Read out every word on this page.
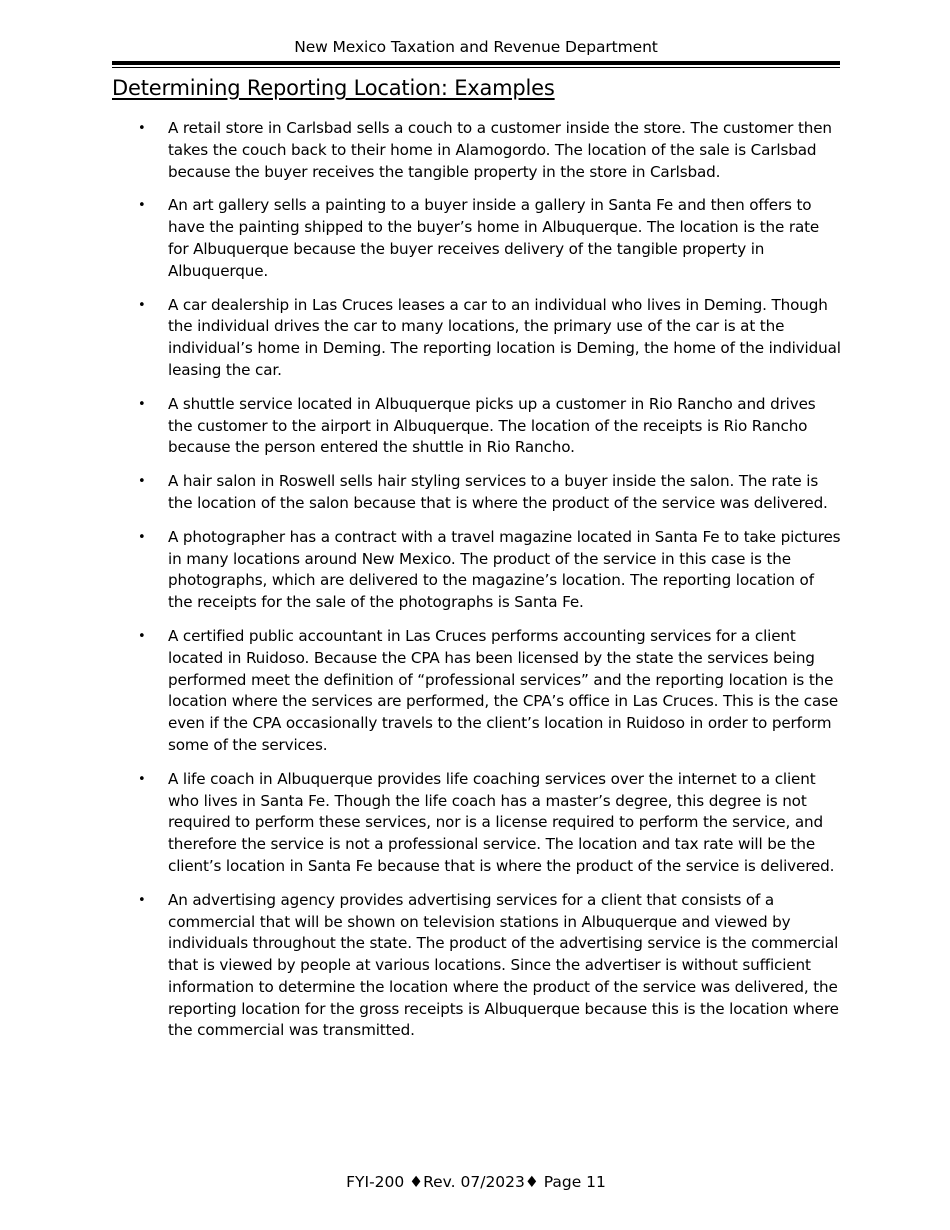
New Mexico Taxation and Revenue Department
Determining Reporting Location: Examples
• A retail store in Carlsbad sells a couch to a customer inside the store. The customer then takes the couch back to their home in Alamogordo. The location of the sale is Carlsbad because the buyer receives the tangible property in the store in Carlsbad.
• An art gallery sells a painting to a buyer inside a gallery in Santa Fe and then offers to have the painting shipped to the buyer’s home in Albuquerque. The location is the rate for Albuquerque because the buyer receives delivery of the tangible property in Albuquerque.
• A car dealership in Las Cruces leases a car to an individual who lives in Deming. Though the individual drives the car to many locations, the primary use of the car is at the individual’s home in Deming. The reporting location is Deming, the home of the individual leasing the car.
• A shuttle service located in Albuquerque picks up a customer in Rio Rancho and drives the customer to the airport in Albuquerque. The location of the receipts is Rio Rancho because the person entered the shuttle in Rio Rancho.
• A hair salon in Roswell sells hair styling services to a buyer inside the salon. The rate is the location of the salon because that is where the product of the service was delivered.
• A photographer has a contract with a travel magazine located in Santa Fe to take pictures in many locations around New Mexico. The product of the service in this case is the photographs, which are delivered to the magazine’s location. The reporting location of the receipts for the sale of the photographs is Santa Fe.
• A certified public accountant in Las Cruces performs accounting services for a client located in Ruidoso. Because the CPA has been licensed by the state the services being performed meet the definition of “professional services” and the reporting location is the location where the services are performed, the CPA’s office in Las Cruces. This is the case even if the CPA occasionally travels to the client’s location in Ruidoso in order to perform some of the services.
• A life coach in Albuquerque provides life coaching services over the internet to a client who lives in Santa Fe. Though the life coach has a master’s degree, this degree is not required to perform these services, nor is a license required to perform the service, and therefore the service is not a professional service. The location and tax rate will be the client’s location in Santa Fe because that is where the product of the service is delivered.
• An advertising agency provides advertising services for a client that consists of a commercial that will be shown on television stations in Albuquerque and viewed by individuals throughout the state. The product of the advertising service is the commercial that is viewed by people at various locations. Since the advertiser is without sufficient information to determine the location where the product of the service was delivered, the reporting location for the gross receipts is Albuquerque because this is the location where the commercial was transmitted.
FYI-200 ♦Rev. 07/2023♦ Page 11
